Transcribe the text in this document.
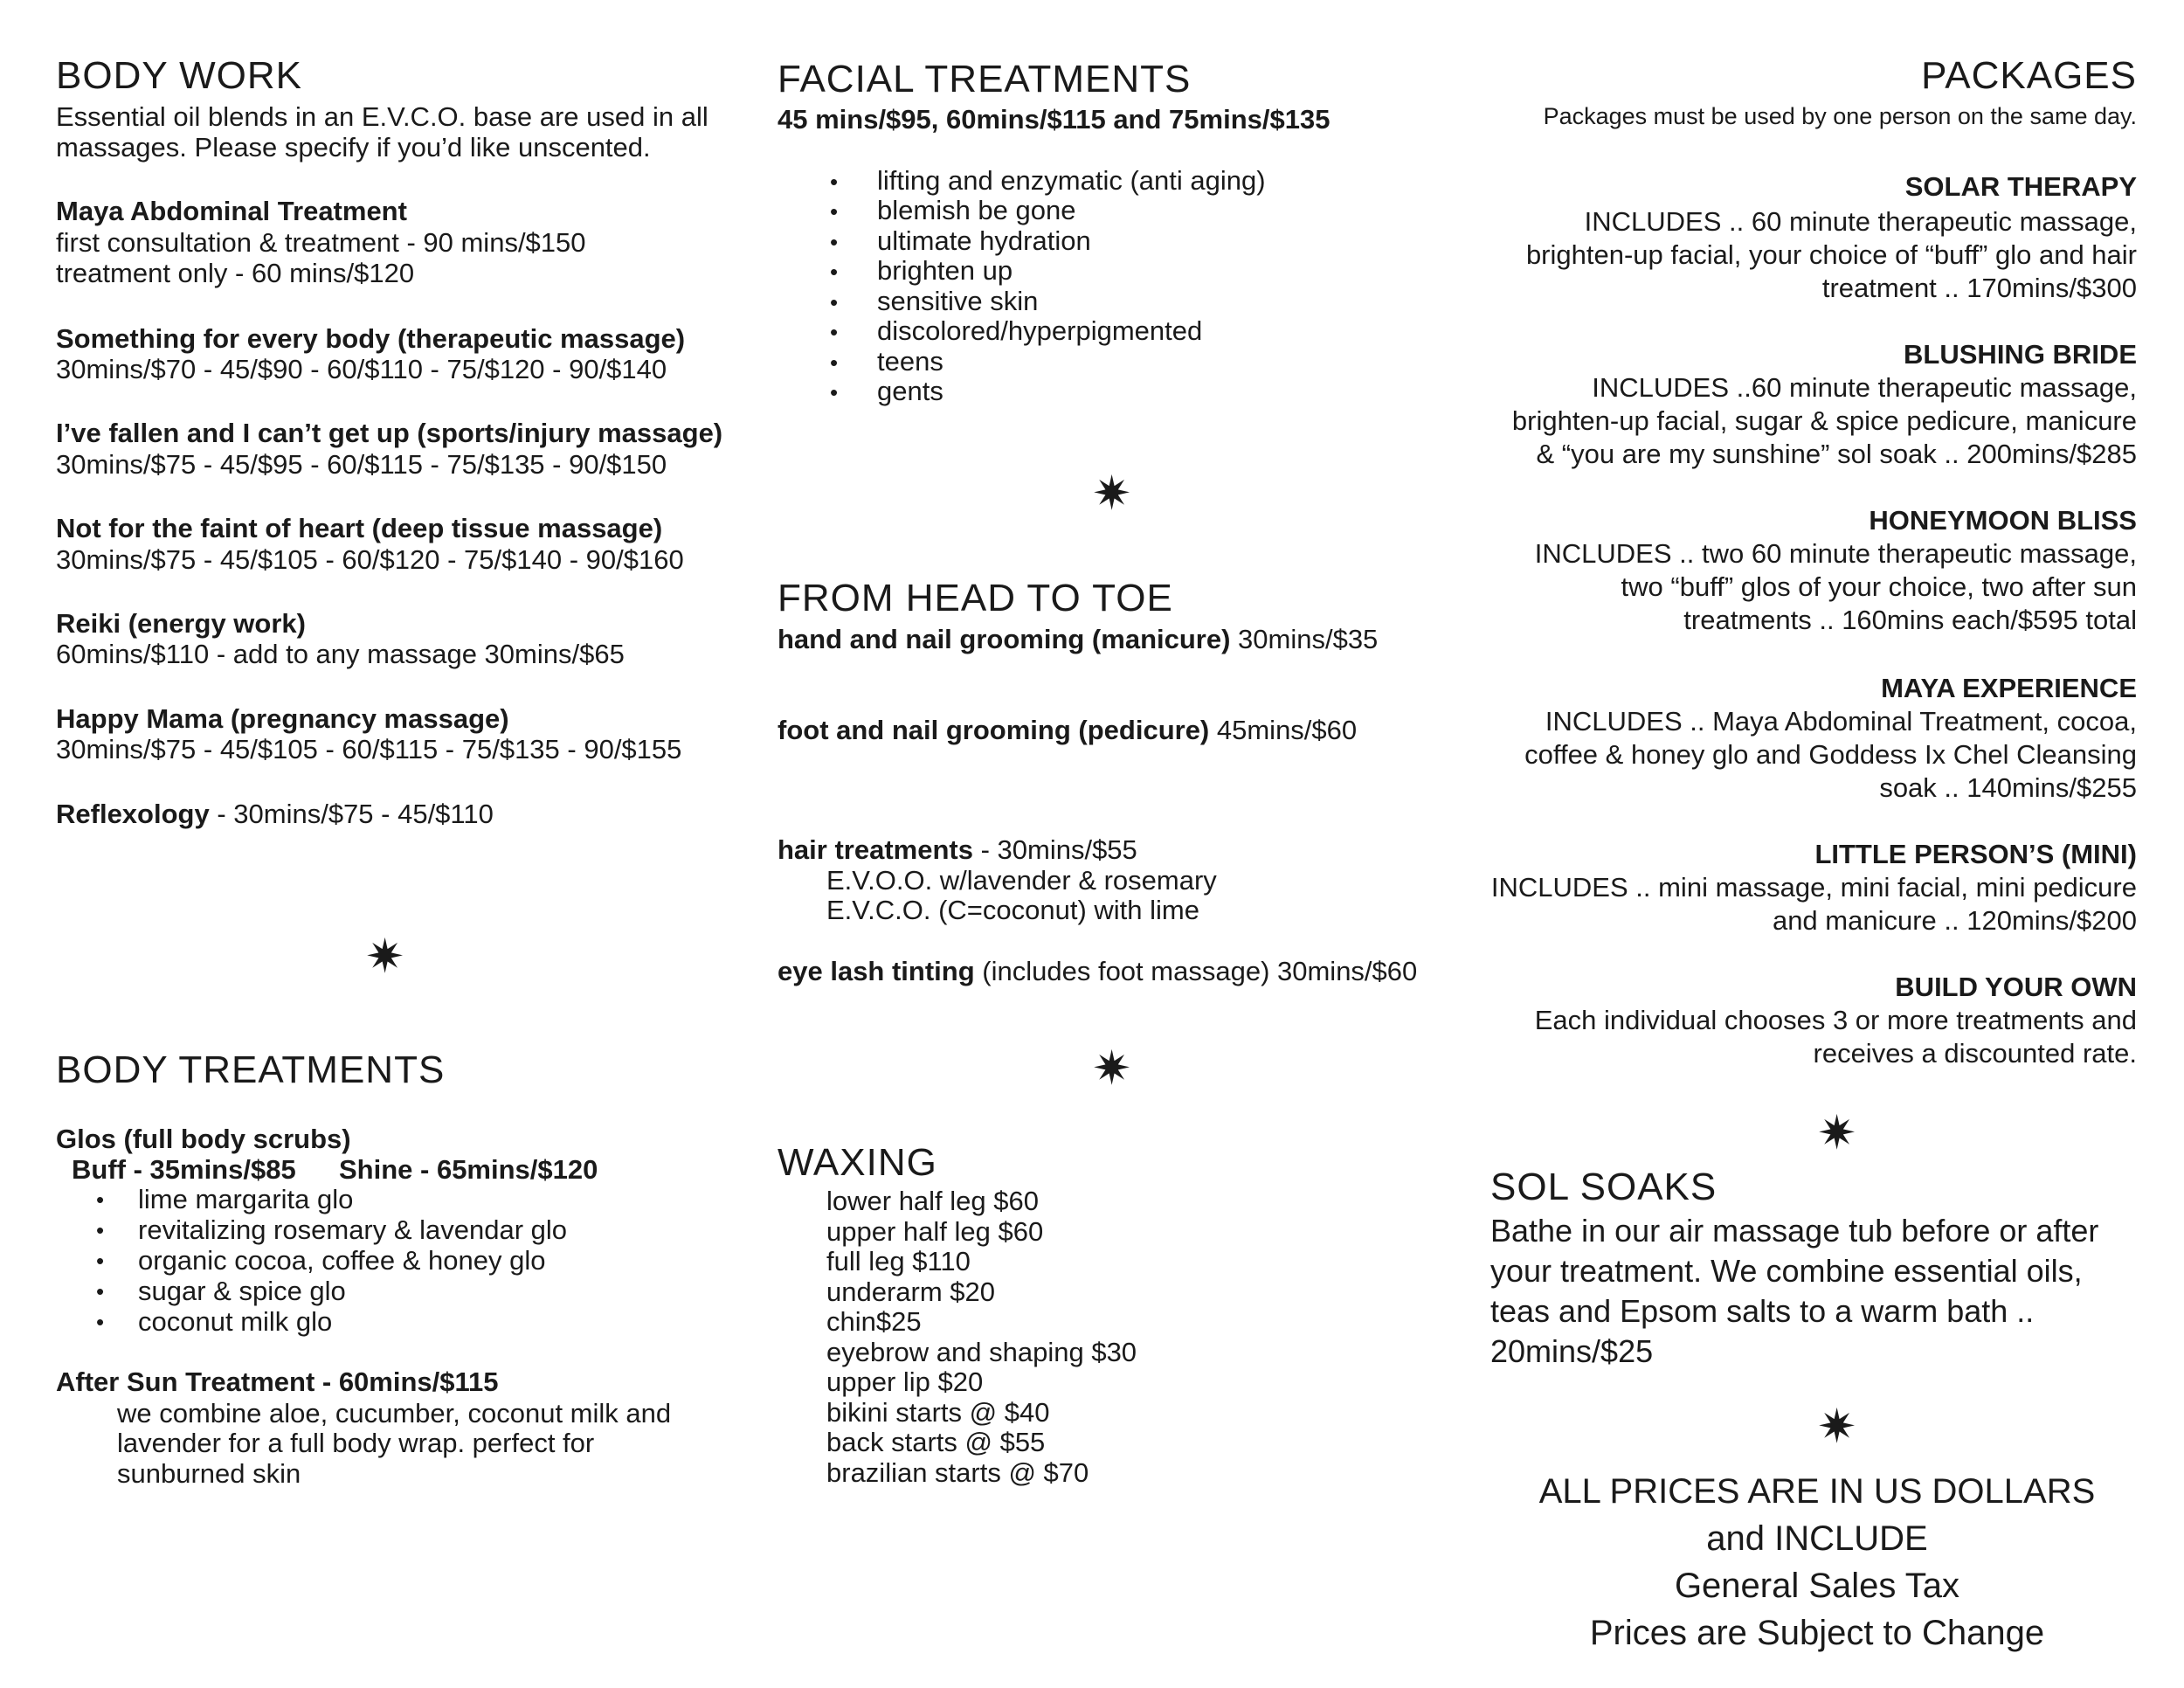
BODY WORK
Essential oil blends in an E.V.C.O. base are used in all
massages. Please specify if you’d like unscented.
Maya Abdominal Treatment
first consultation & treatment - 90 mins/$150
treatment only - 60 mins/$120
Something for every body (therapeutic massage)
30mins/$70 - 45/$90 - 60/$110 - 75/$120 - 90/$140
I’ve fallen and I can’t get up (sports/injury massage)
30mins/$75 - 45/$95 - 60/$115 - 75/$135 - 90/$150
Not for the faint of heart (deep tissue massage)
30mins/$75 - 45/$105 - 60/$120 - 75/$140 - 90/$160
Reiki (energy work)
60mins/$110 - add to any massage 30mins/$65
Happy Mama (pregnancy massage)
30mins/$75 - 45/$105 - 60/$115 - 75/$135 - 90/$155
Reflexology - 30mins/$75 - 45/$110
✷
BODY TREATMENTS
Glos (full body scrubs)
Buff - 35mins/$85 Shine - 65mins/$120
• lime margarita glo
• revitalizing rosemary & lavendar glo
• organic cocoa, coffee & honey glo
• sugar & spice glo
• coconut milk glo
After Sun Treatment - 60mins/$115
we combine aloe, cucumber, coconut milk and
lavender for a full body wrap. perfect for
sunburned skin
FACIAL TREATMENTS
45 mins/$95, 60mins/$115 and 75mins/$135
• lifting and enzymatic (anti aging)
• blemish be gone
• ultimate hydration
• brighten up
• sensitive skin
• discolored/hyperpigmented
• teens
• gents
✷
FROM HEAD TO TOE
hand and nail grooming (manicure) 30mins/$35
foot and nail grooming (pedicure) 45mins/$60
hair treatments - 30mins/$55
E.V.O.O. w/lavender & rosemary
E.V.C.O. (C=coconut) with lime
eye lash tinting (includes foot massage) 30mins/$60
✷
WAXING
lower half leg $60
upper half leg $60
full leg $110
underarm $20
chin$25
eyebrow and shaping $30
upper lip $20
bikini starts @ $40
back starts @ $55
brazilian starts @ $70
PACKAGES
Packages must be used by one person on the same day.
SOLAR THERAPY
INCLUDES .. 60 minute therapeutic massage,
brighten-up facial, your choice of “buff” glo and hair
treatment .. 170mins/$300
BLUSHING BRIDE
INCLUDES ..60 minute therapeutic massage,
brighten-up facial, sugar & spice pedicure, manicure
& “you are my sunshine” sol soak .. 200mins/$285
HONEYMOON BLISS
INCLUDES .. two 60 minute therapeutic massage,
two “buff” glos of your choice, two after sun
treatments .. 160mins each/$595 total
MAYA EXPERIENCE
INCLUDES .. Maya Abdominal Treatment, cocoa,
coffee & honey glo and Goddess Ix Chel Cleansing
soak .. 140mins/$255
LITTLE PERSON’S (MINI)
INCLUDES .. mini massage, mini facial, mini pedicure
and manicure .. 120mins/$200
BUILD YOUR OWN
Each individual chooses 3 or more treatments and
receives a discounted rate.
✷
SOL SOAKS
Bathe in our air massage tub before or after
your treatment. We combine essential oils,
teas and Epsom salts to a warm bath ..
20mins/$25
✷
ALL PRICES ARE IN US DOLLARS
and INCLUDE
General Sales Tax
Prices are Subject to Change
